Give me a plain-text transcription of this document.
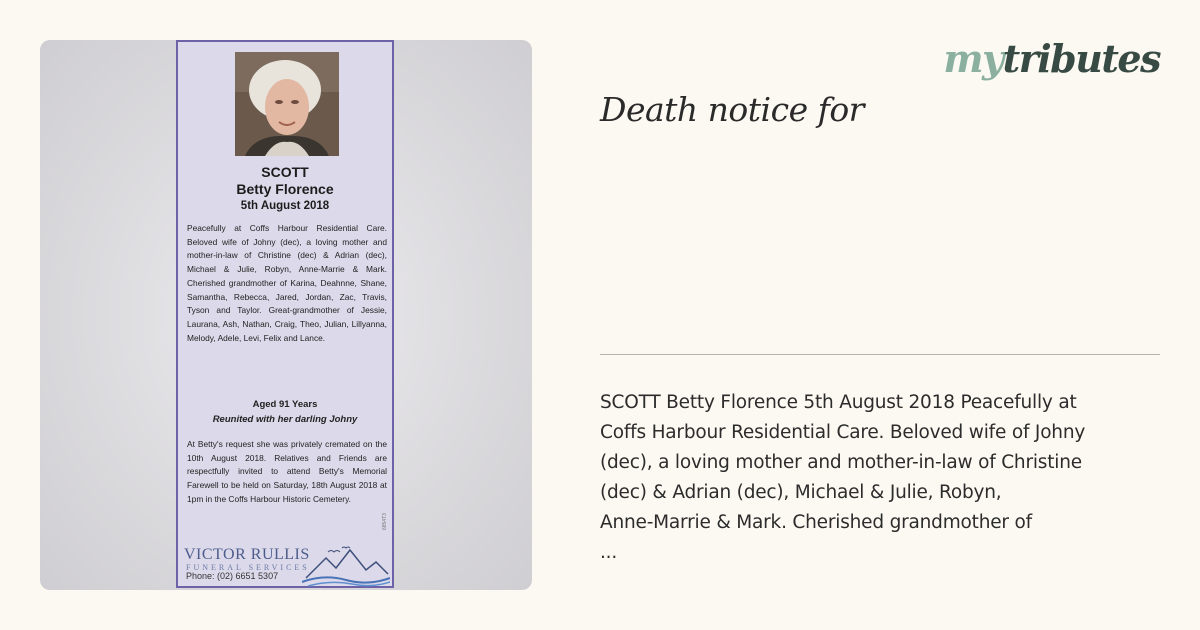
SCOTT
Betty Florence
5th August 2018
Peacefully at Coffs Harbour Residential Care. Beloved wife of Johny (dec), a loving mother and mother-in-law of Christine (dec) & Adrian (dec), Michael & Julie, Robyn, Anne-Marrie & Mark. Cherished grandmother of Karina, Deahnne, Shane, Samantha, Rebecca, Jared, Jordan, Zac, Travis, Tyson and Taylor. Great-grandmother of Jessie, Laurana, Ash, Nathan, Craig, Theo, Julian, Lillyanna, Melody, Adele, Levi, Felix and Lance.
Aged 91 Years
Reunited with her darling Johny
At Betty's request she was privately cremated on the 10th August 2018. Relatives and Friends are respectfully invited to attend Betty's Memorial Farewell to be held on Saturday, 18th August 2018 at 1pm in the Coffs Harbour Historic Cemetery.
6854T3
VICTOR RULLIS
FUNERAL SERVICES
Phone: (02) 6651 5307
mytributes
Death notice for
SCOTT Betty Florence 5th August 2018 Peacefully at
Coffs Harbour Residential Care. Beloved wife of Johny
(dec), a loving mother and mother-in-law of Christine
(dec) & Adrian (dec), Michael & Julie, Robyn,
Anne-Marrie & Mark. Cherished grandmother of
...
